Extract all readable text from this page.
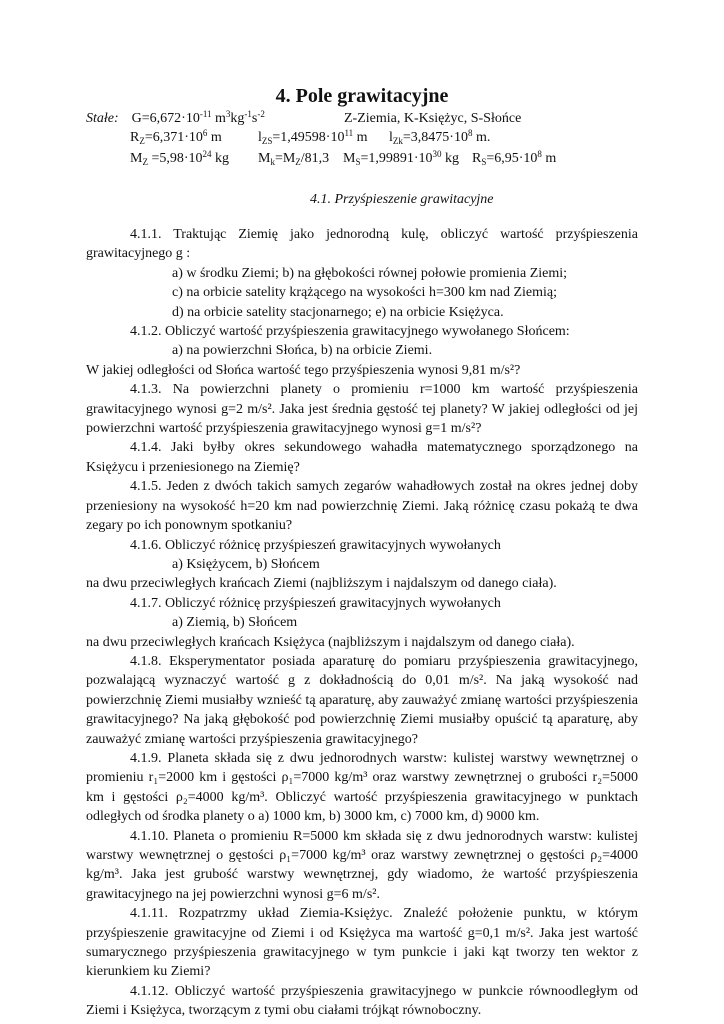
4. Pole grawitacyjne
Stałe: $G=6,672\cdot 10^{-11}$ $m^3kg^{-1}s^{-2}$	Z-Ziemia, K-Księżyc, S-Słońce
$R_Z=6,371\cdot 10^6$ m	$l_{ZS}=1,49598\cdot 10^{11}$ m $l_{Zk}=3,8475\cdot 10^8$ m.
$M_Z =5,98\cdot 10^{24}$ kg $M_k=M_Z/81,3$ $M_S=1,99891\cdot 10^{30}$ kg $R_S=6,95\cdot 10^8$ m
4.1. Przyśpieszenie grawitacyjne

4.1.1. Traktując Ziemię jako jednorodną kulę, obliczyć wartość przyśpieszenia grawitacyjnego g :

a) w środku Ziemi; b) na głębokości równej połowie promienia Ziemi;

c) na orbicie satelity krążącego na wysokości h=300 km nad Ziemią;

d) na orbicie satelity stacjonarnego; e) na orbicie Księżyca.

4.1.2. Obliczyć wartość przyśpieszenia grawitacyjnego wywołanego Słońcem:

a) na powierzchni Słońca, b) na orbicie Ziemi.

W jakiej odległości od Słońca wartość tego przyśpieszenia wynosi 9,81 m/s²?

4.1.3. Na powierzchni planety o promieniu r=1000 km wartość przyśpieszenia grawitacyjnego wynosi g=2 m/s². Jaka jest średnia gęstość tej planety? W jakiej odległości od jej powierzchni wartość przyśpieszenia grawitacyjnego wynosi g=1 m/s²?

4.1.4. Jaki byłby okres sekundowego wahadła matematycznego sporządzonego na Księżycu i przeniesionego na Ziemię?

4.1.5. Jeden z dwóch takich samych zegarów wahadłowych został na okres jednej doby przeniesiony na wysokość h=20 km nad powierzchnię Ziemi. Jaką różnicę czasu pokażą te dwa zegary po ich ponownym spotkaniu?

4.1.6. Obliczyć różnicę przyśpieszeń grawitacyjnych wywołanych

a) Księżycem, b) Słońcem

na dwu przeciwległych krańcach Ziemi (najbliższym i najdalszym od danego ciała).

4.1.7. Obliczyć różnicę przyśpieszeń grawitacyjnych wywołanych

a) Ziemią, b) Słońcem

na dwu przeciwległych krańcach Księżyca (najbliższym i najdalszym od danego ciała).

4.1.8. Eksperymentator posiada aparaturę do pomiaru przyśpieszenia grawitacyjnego, pozwalającą wyznaczyć wartość g z dokładnością do 0,01 m/s². Na jaką wysokość nad powierzchnię Ziemi musiałby wznieść tą aparaturę, aby zauważyć zmianę wartości przyśpieszenia grawitacyjnego? Na jaką głębokość pod powierzchnię Ziemi musiałby opuścić tą aparaturę, aby zauważyć zmianę wartości przyśpieszenia grawitacyjnego?

4.1.9. Planeta składa się z dwu jednorodnych warstw: kulistej warstwy wewnętrznej o promieniu r₁=2000 km i gęstości ρ₁=7000 kg/m³ oraz warstwy zewnętrznej o grubości r₂=5000 km i gęstości ρ₂=4000 kg/m³. Obliczyć wartość przyśpieszenia grawitacyjnego w punktach odległych od środka planety o a) 1000 km, b) 3000 km, c) 7000 km, d) 9000 km.

4.1.10. Planeta o promieniu R=5000 km składa się z dwu jednorodnych warstw: kulistej warstwy wewnętrznej o gęstości ρ₁=7000 kg/m³ oraz warstwy zewnętrznej o gęstości ρ₂=4000 kg/m³. Jaka jest grubość warstwy wewnętrznej, gdy wiadomo, że wartość przyśpieszenia grawitacyjnego na jej powierzchni wynosi g=6 m/s².

4.1.11. Rozpatrzmy układ Ziemia-Księżyc. Znaleźć położenie punktu, w którym przyśpieszenie grawitacyjne od Ziemi i od Księżyca ma wartość g=0,1 m/s². Jaka jest wartość sumarycznego przyśpieszenia grawitacyjnego w tym punkcie i jaki kąt tworzy ten wektor z kierunkiem ku Ziemi?

4.1.12. Obliczyć wartość przyśpieszenia grawitacyjnego w punkcie równoodległym od Ziemi i Księżyca, tworzącym z tymi obu ciałami trójkąt równoboczny.
